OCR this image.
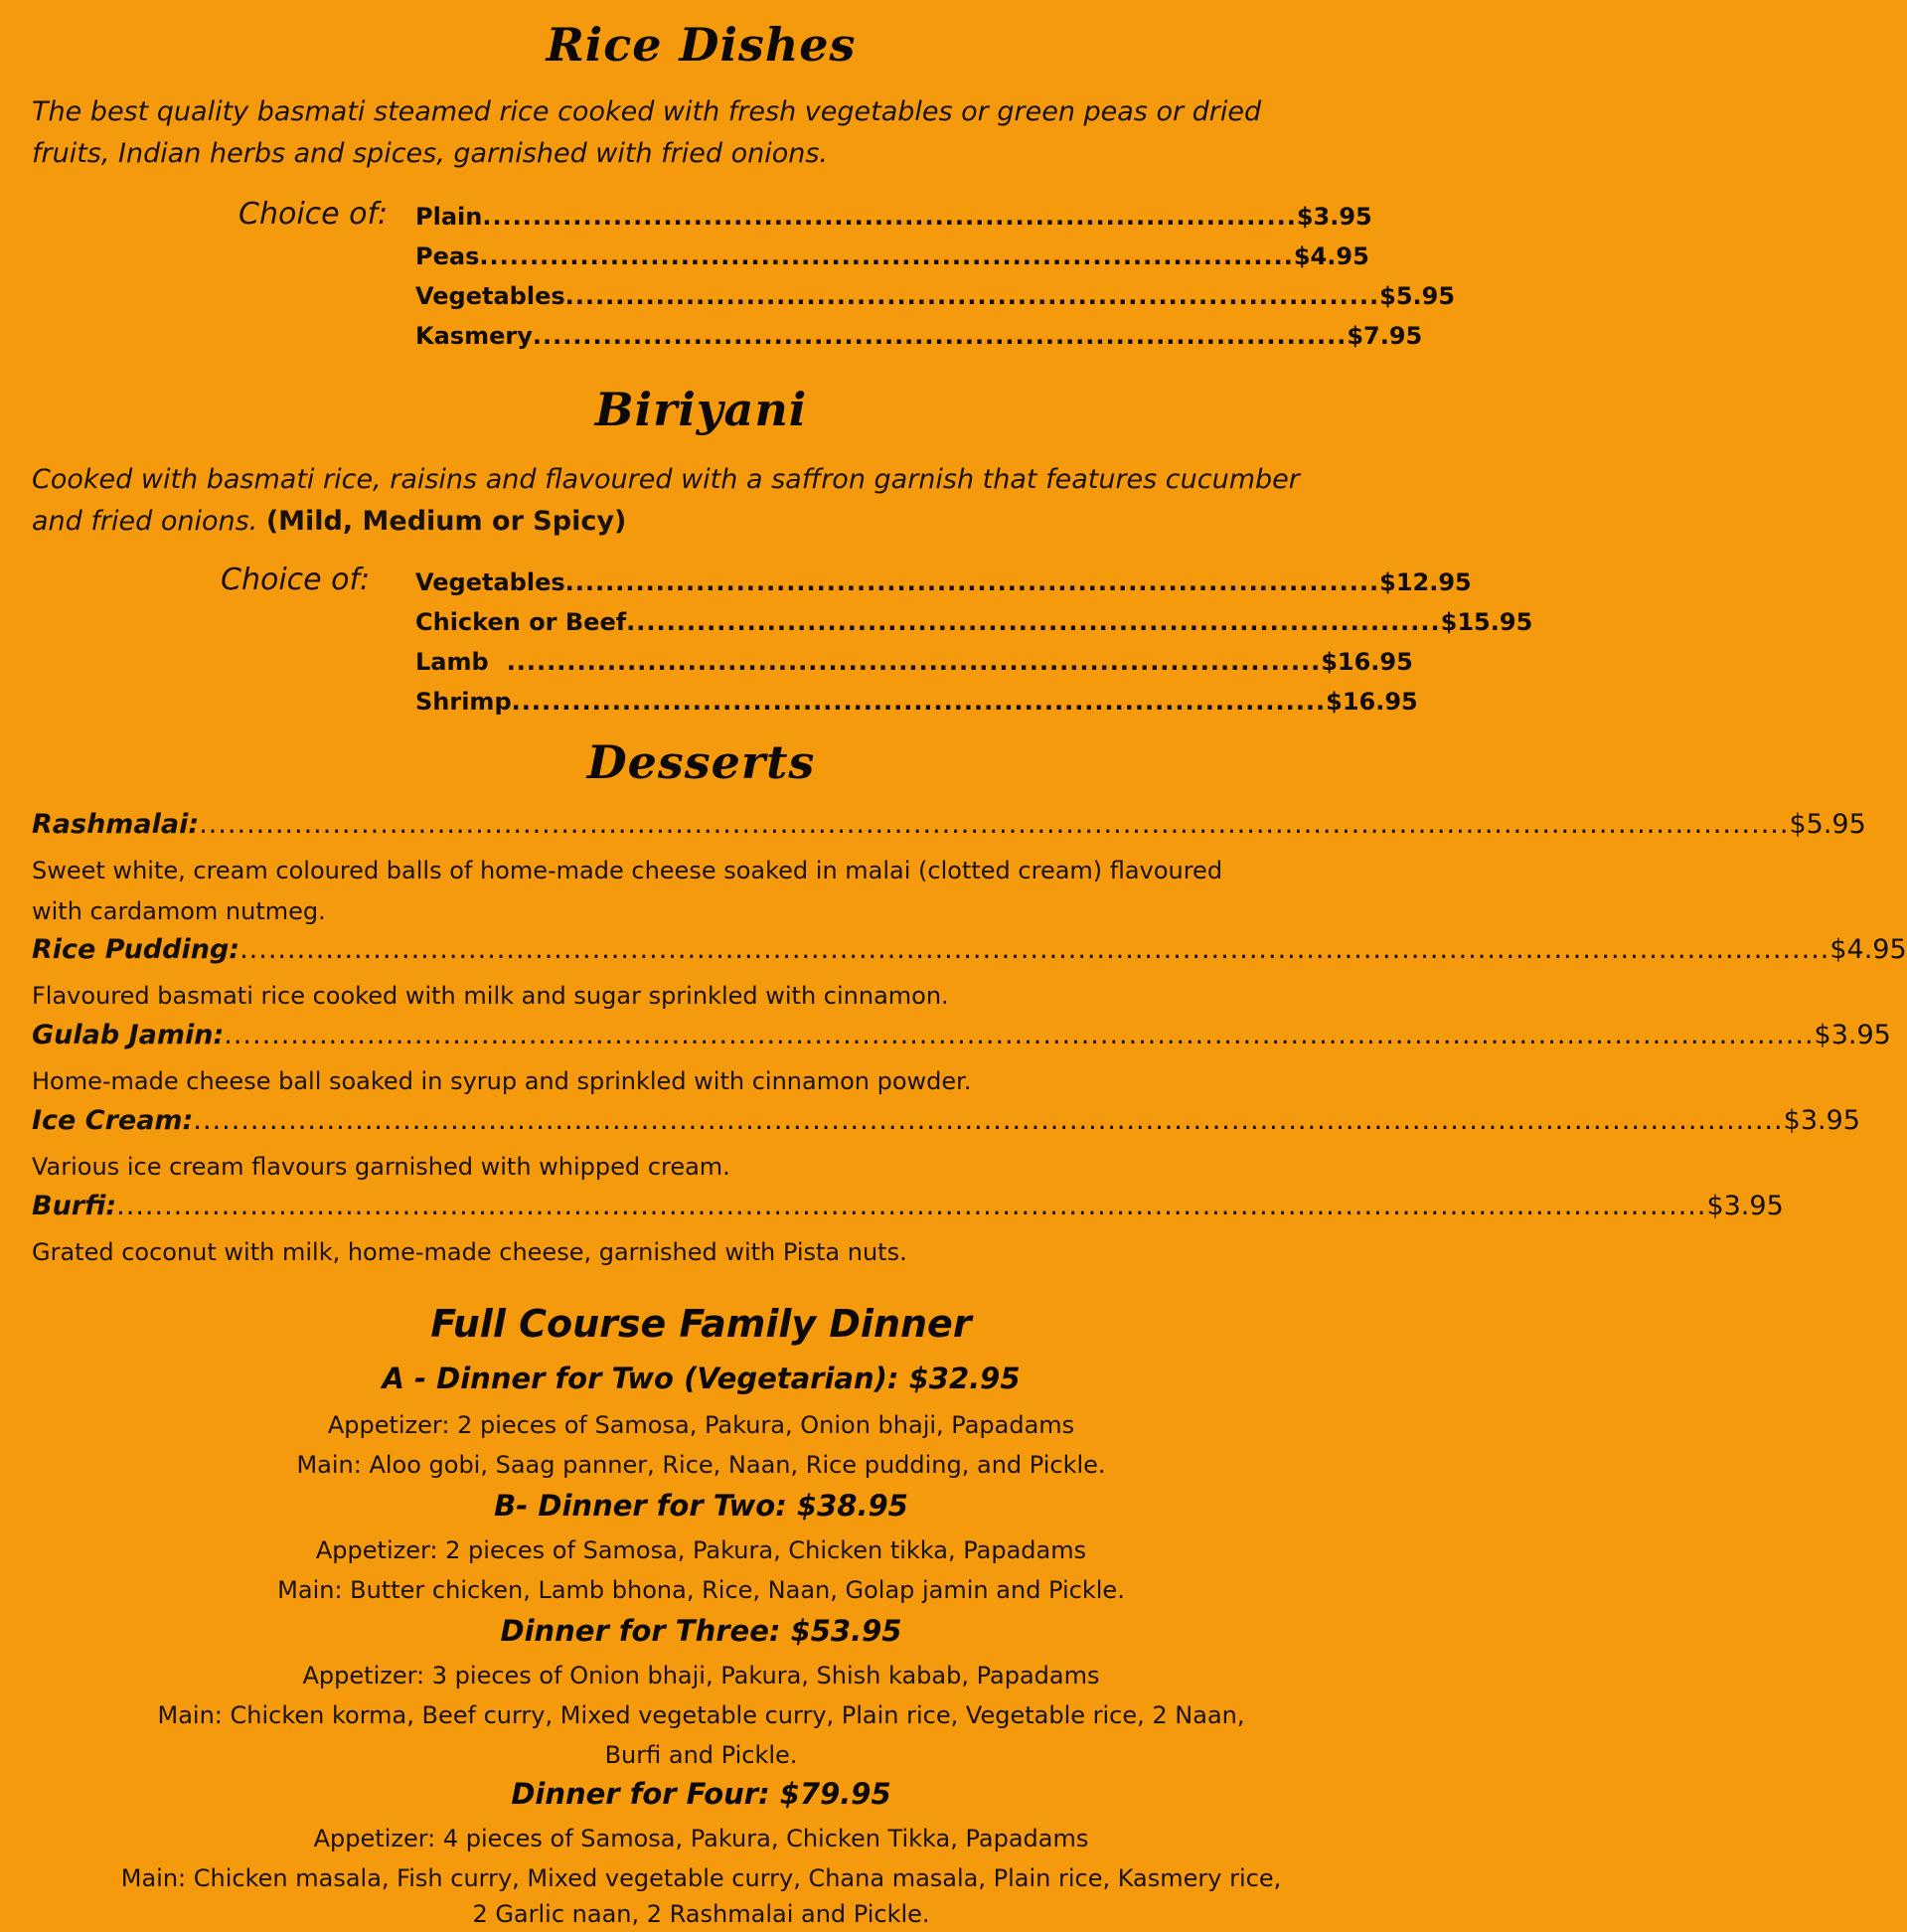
Rice Dishes
The best quality basmati steamed rice cooked with fresh vegetables or green peas or dried
fruits, Indian herbs and spices, garnished with fried onions.
Choice of: Plain ................................................................................. $3.95
Peas ................................................................................. $4.95
Vegetables ................................................................................. $5.95
Kasmery ................................................................................. $7.95
Biriyani
Cooked with basmati rice, raisins and flavoured with a saffron garnish that features cucumber
and fried onions. (Mild, Medium or Spicy)
Choice of: Vegetables ................................................................................. $12.95
Chicken or Beef ................................................................................. $15.95
Lamb ................................................................................. $16.95
Shrimp ................................................................................. $16.95
Desserts
Rashmalai: ....................................................................................................................................................................... $5.95
Sweet white, cream coloured balls of home-made cheese soaked in malai (clotted cream) flavoured
with cardamom nutmeg.
Rice Pudding: ....................................................................................................................................................................... $4.95
Flavoured basmati rice cooked with milk and sugar sprinkled with cinnamon.
Gulab Jamin: ....................................................................................................................................................................... $3.95
Home-made cheese ball soaked in syrup and sprinkled with cinnamon powder.
Ice Cream: ....................................................................................................................................................................... $3.95
Various ice cream flavours garnished with whipped cream.
Burfi: ....................................................................................................................................................................... $3.95
Grated coconut with milk, home-made cheese, garnished with Pista nuts.
Full Course Family Dinner
A - Dinner for Two (Vegetarian): $32.95
Appetizer: 2 pieces of Samosa, Pakura, Onion bhaji, Papadams
Main: Aloo gobi, Saag panner, Rice, Naan, Rice pudding, and Pickle.
B- Dinner for Two: $38.95
Appetizer: 2 pieces of Samosa, Pakura, Chicken tikka, Papadams
Main: Butter chicken, Lamb bhona, Rice, Naan, Golap jamin and Pickle.
Dinner for Three: $53.95
Appetizer: 3 pieces of Onion bhaji, Pakura, Shish kabab, Papadams
Main: Chicken korma, Beef curry, Mixed vegetable curry, Plain rice, Vegetable rice, 2 Naan,
Burfi and Pickle.
Dinner for Four: $79.95
Appetizer: 4 pieces of Samosa, Pakura, Chicken Tikka, Papadams
Main: Chicken masala, Fish curry, Mixed vegetable curry, Chana masala, Plain rice, Kasmery rice,
2 Garlic naan, 2 Rashmalai and Pickle.
